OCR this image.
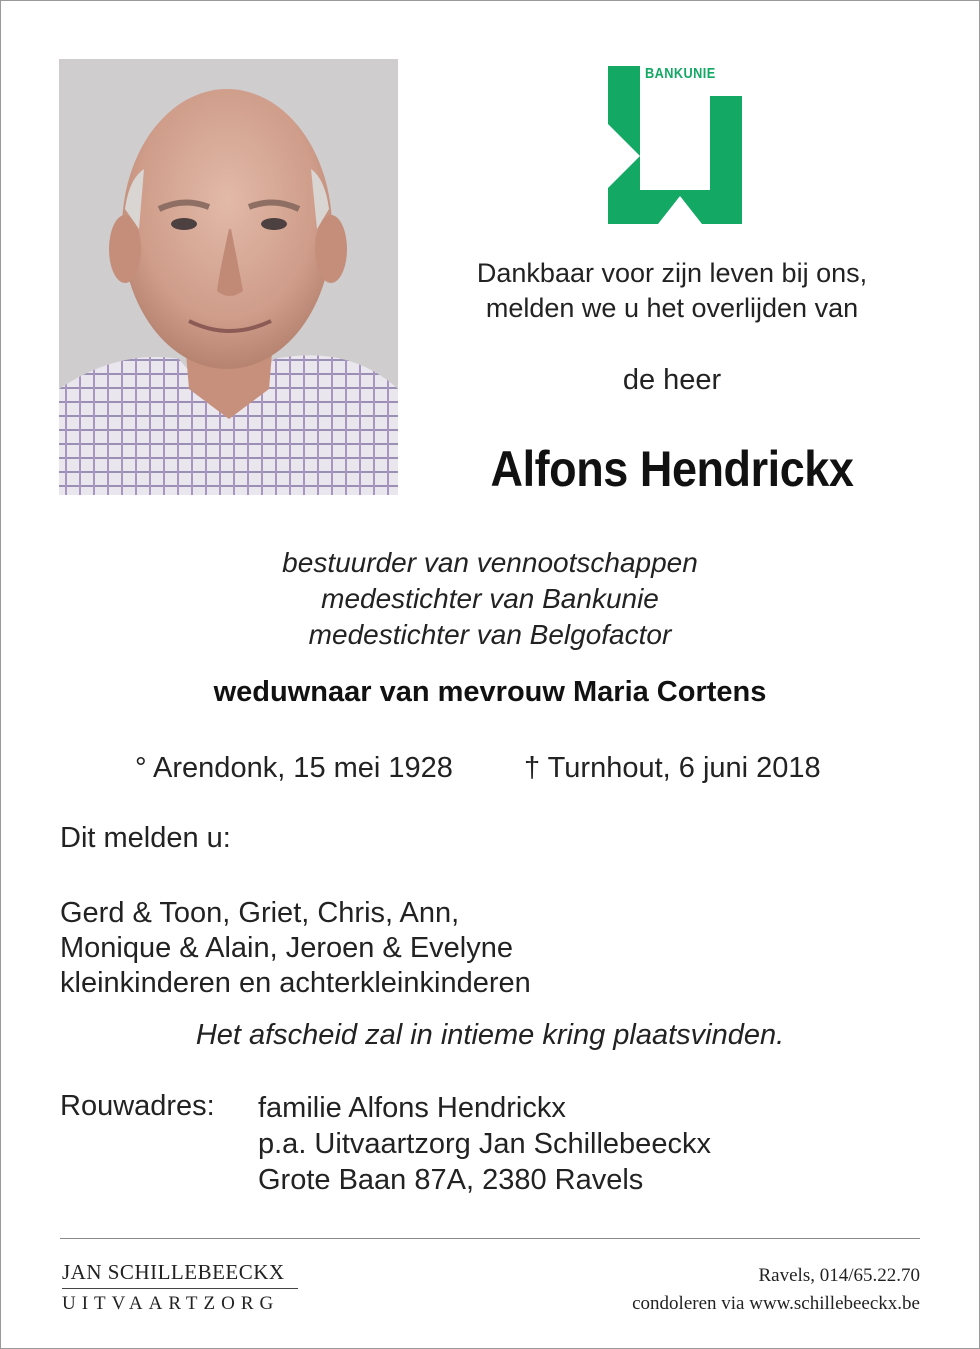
BANKUNIE
Dankbaar voor zijn leven bij ons,
melden we u het overlijden van
de heer
Alfons Hendrickx
bestuurder van vennootschappen
medestichter van Bankunie
medestichter van Belgofactor
weduwnaar van mevrouw Maria Cortens
° Arendonk, 15 mei 1928 † Turnhout, 6 juni 2018
Dit melden u:
Gerd & Toon, Griet, Chris, Ann,
Monique & Alain, Jeroen & Evelyne
kleinkinderen en achterkleinkinderen
Het afscheid zal in intieme kring plaatsvinden.
Rouwadres: familie Alfons Hendrickx
p.a. Uitvaartzorg Jan Schillebeeckx
Grote Baan 87A, 2380 Ravels
JAN SCHILLEBEECKX
UITVAARTZORG
Ravels, 014/65.22.70
condoleren via www.schillebeeckx.be
